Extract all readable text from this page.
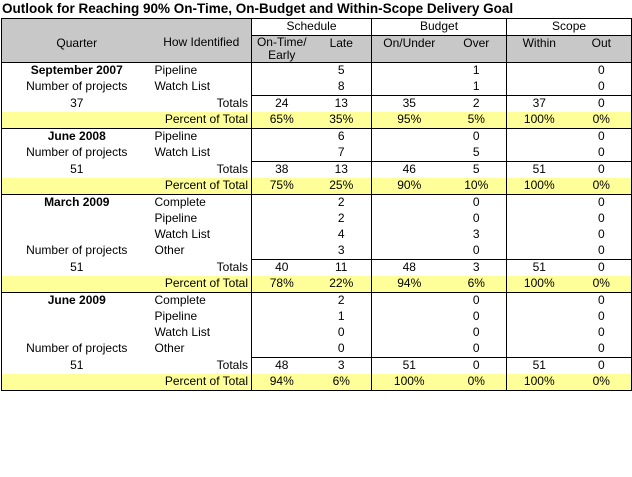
Outlook for Reaching 90% On-Time, On-Budget and Within-Scope Delivery Goal
		Schedule		Budget		Scope	
Quarter	How Identified	On-Time/ Early	Late	On/Under	Over	Within	Out
September 2007	Pipeline		5		1		0
Number of projects	Watch List		8		1		0
37	Totals	24	13	35	2	37	0
	Percent of Total	65%	35%	95%	5%	100%	0%
June 2008	Pipeline		6		0		0
Number of projects	Watch List		7		5		0
51	Totals	38	13	46	5	51	0
	Percent of Total	75%	25%	90%	10%	100%	0%
March 2009	Complete		2		0		0
	Pipeline		2		0		0
	Watch List		4		3		0
Number of projects	Other		3		0		0
51	Totals	40	11	48	3	51	0
	Percent of Total	78%	22%	94%	6%	100%	0%
June 2009	Complete		2		0		0
	Pipeline		1		0		0
	Watch List		0		0		0
Number of projects	Other		0		0		0
51	Totals	48	3	51	0	51	0
	Percent of Total	94%	6%	100%	0%	100%	0%
